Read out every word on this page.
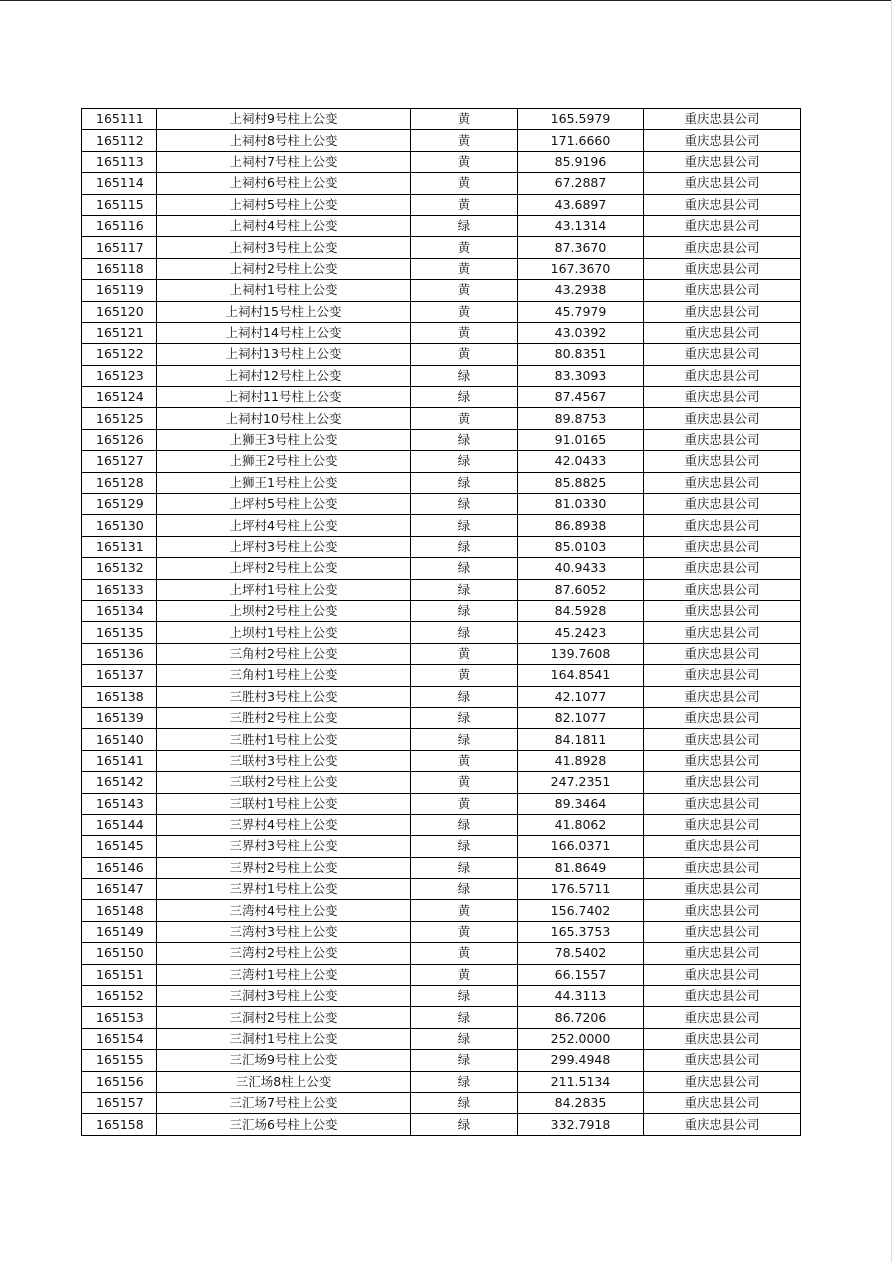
165111	上祠村9号柱上公变	黄	165.5979	重庆忠县公司
165112	上祠村8号柱上公变	黄	171.6660	重庆忠县公司
165113	上祠村7号柱上公变	黄	85.9196	重庆忠县公司
165114	上祠村6号柱上公变	黄	67.2887	重庆忠县公司
165115	上祠村5号柱上公变	黄	43.6897	重庆忠县公司
165116	上祠村4号柱上公变	绿	43.1314	重庆忠县公司
165117	上祠村3号柱上公变	黄	87.3670	重庆忠县公司
165118	上祠村2号柱上公变	黄	167.3670	重庆忠县公司
165119	上祠村1号柱上公变	黄	43.2938	重庆忠县公司
165120	上祠村15号柱上公变	黄	45.7979	重庆忠县公司
165121	上祠村14号柱上公变	黄	43.0392	重庆忠县公司
165122	上祠村13号柱上公变	黄	80.8351	重庆忠县公司
165123	上祠村12号柱上公变	绿	83.3093	重庆忠县公司
165124	上祠村11号柱上公变	绿	87.4567	重庆忠县公司
165125	上祠村10号柱上公变	黄	89.8753	重庆忠县公司
165126	上狮王3号柱上公变	绿	91.0165	重庆忠县公司
165127	上狮王2号柱上公变	绿	42.0433	重庆忠县公司
165128	上狮王1号柱上公变	绿	85.8825	重庆忠县公司
165129	上坪村5号柱上公变	绿	81.0330	重庆忠县公司
165130	上坪村4号柱上公变	绿	86.8938	重庆忠县公司
165131	上坪村3号柱上公变	绿	85.0103	重庆忠县公司
165132	上坪村2号柱上公变	绿	40.9433	重庆忠县公司
165133	上坪村1号柱上公变	绿	87.6052	重庆忠县公司
165134	上坝村2号柱上公变	绿	84.5928	重庆忠县公司
165135	上坝村1号柱上公变	绿	45.2423	重庆忠县公司
165136	三角村2号柱上公变	黄	139.7608	重庆忠县公司
165137	三角村1号柱上公变	黄	164.8541	重庆忠县公司
165138	三胜村3号柱上公变	绿	42.1077	重庆忠县公司
165139	三胜村2号柱上公变	绿	82.1077	重庆忠县公司
165140	三胜村1号柱上公变	绿	84.1811	重庆忠县公司
165141	三联村3号柱上公变	黄	41.8928	重庆忠县公司
165142	三联村2号柱上公变	黄	247.2351	重庆忠县公司
165143	三联村1号柱上公变	黄	89.3464	重庆忠县公司
165144	三界村4号柱上公变	绿	41.8062	重庆忠县公司
165145	三界村3号柱上公变	绿	166.0371	重庆忠县公司
165146	三界村2号柱上公变	绿	81.8649	重庆忠县公司
165147	三界村1号柱上公变	绿	176.5711	重庆忠县公司
165148	三湾村4号柱上公变	黄	156.7402	重庆忠县公司
165149	三湾村3号柱上公变	黄	165.3753	重庆忠县公司
165150	三湾村2号柱上公变	黄	78.5402	重庆忠县公司
165151	三湾村1号柱上公变	黄	66.1557	重庆忠县公司
165152	三洞村3号柱上公变	绿	44.3113	重庆忠县公司
165153	三洞村2号柱上公变	绿	86.7206	重庆忠县公司
165154	三洞村1号柱上公变	绿	252.0000	重庆忠县公司
165155	三汇场9号柱上公变	绿	299.4948	重庆忠县公司
165156	三汇场8柱上公变	绿	211.5134	重庆忠县公司
165157	三汇场7号柱上公变	绿	84.2835	重庆忠县公司
165158	三汇场6号柱上公变	绿	332.7918	重庆忠县公司
